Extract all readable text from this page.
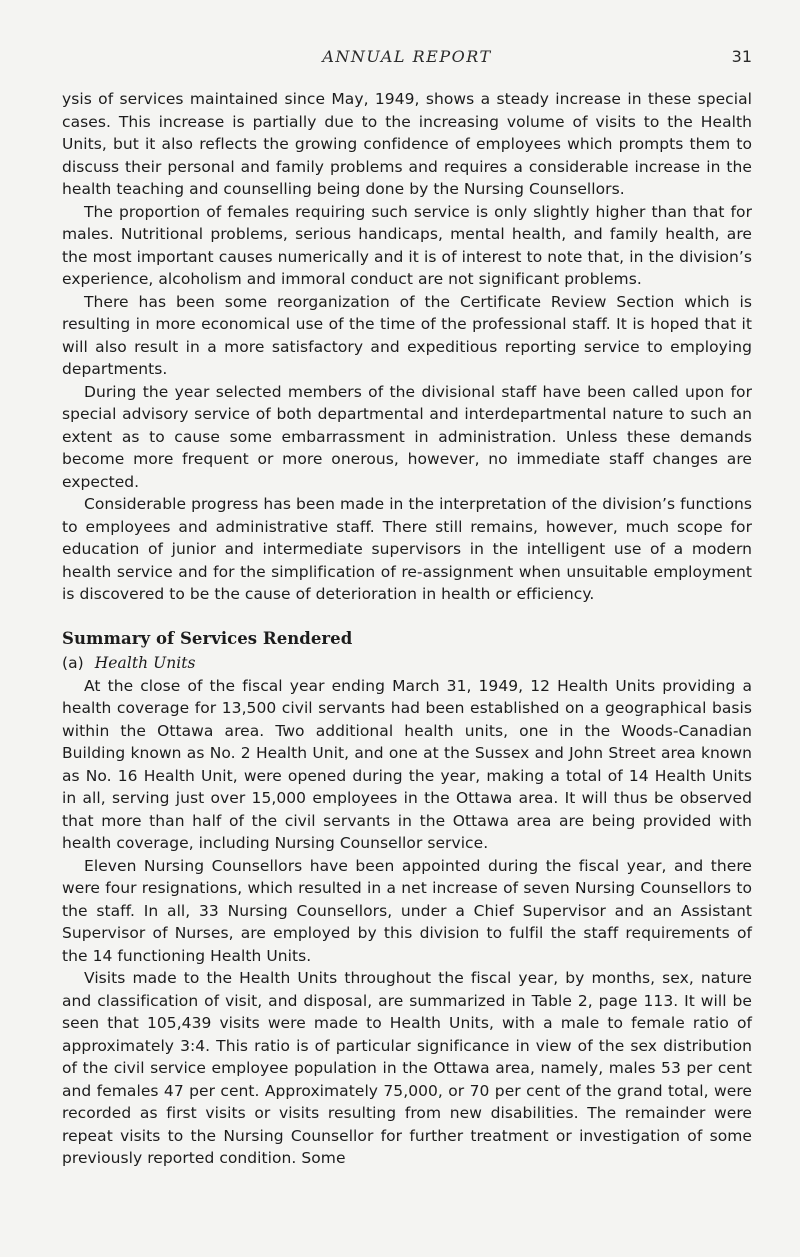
ANNUAL REPORT	31

ysis of services maintained since May, 1949, shows a steady increase in these special cases. This increase is partially due to the increasing volume of visits to the Health Units, but it also reflects the growing confidence of employees which prompts them to discuss their personal and family problems and requires a considerable increase in the health teaching and counselling being done by the Nursing Counsellors.

The proportion of females requiring such service is only slightly higher than that for males. Nutritional problems, serious handicaps, mental health, and family health, are the most important causes numerically and it is of interest to note that, in the division’s experience, alcoholism and immoral conduct are not significant problems.

There has been some reorganization of the Certificate Review Section which is resulting in more economical use of the time of the professional staff. It is hoped that it will also result in a more satisfactory and expeditious reporting service to employing departments.

During the year selected members of the divisional staff have been called upon for special advisory service of both departmental and interdepartmental nature to such an extent as to cause some embarrassment in administration. Unless these demands become more frequent or more onerous, however, no immediate staff changes are expected.

Considerable progress has been made in the interpretation of the division’s functions to employees and administrative staff. There still remains, however, much scope for education of junior and intermediate supervisors in the intelligent use of a modern health service and for the simplification of re-assignment when unsuitable employment is discovered to be the cause of deterioration in health or efficiency.

Summary of Services Rendered
(a) Health Units

At the close of the fiscal year ending March 31, 1949, 12 Health Units providing a health coverage for 13,500 civil servants had been established on a geographical basis within the Ottawa area. Two additional health units, one in the Woods-Canadian Building known as No. 2 Health Unit, and one at the Sussex and John Street area known as No. 16 Health Unit, were opened during the year, making a total of 14 Health Units in all, serving just over 15,000 employees in the Ottawa area. It will thus be observed that more than half of the civil servants in the Ottawa area are being provided with health coverage, including Nursing Counsellor service.

Eleven Nursing Counsellors have been appointed during the fiscal year, and there were four resignations, which resulted in a net increase of seven Nursing Counsellors to the staff. In all, 33 Nursing Counsellors, under a Chief Supervisor and an Assistant Supervisor of Nurses, are employed by this division to fulfil the staff requirements of the 14 functioning Health Units.

Visits made to the Health Units throughout the fiscal year, by months, sex, nature and classification of visit, and disposal, are summarized in Table 2, page 113. It will be seen that 105,439 visits were made to Health Units, with a male to female ratio of approximately 3:4. This ratio is of particular significance in view of the sex distribution of the civil service employee population in the Ottawa area, namely, males 53 per cent and females 47 per cent. Approximately 75,000, or 70 per cent of the grand total, were recorded as first visits or visits resulting from new disabilities. The remainder were repeat visits to the Nursing Counsellor for further treatment or investigation of some previously reported condition. Some
